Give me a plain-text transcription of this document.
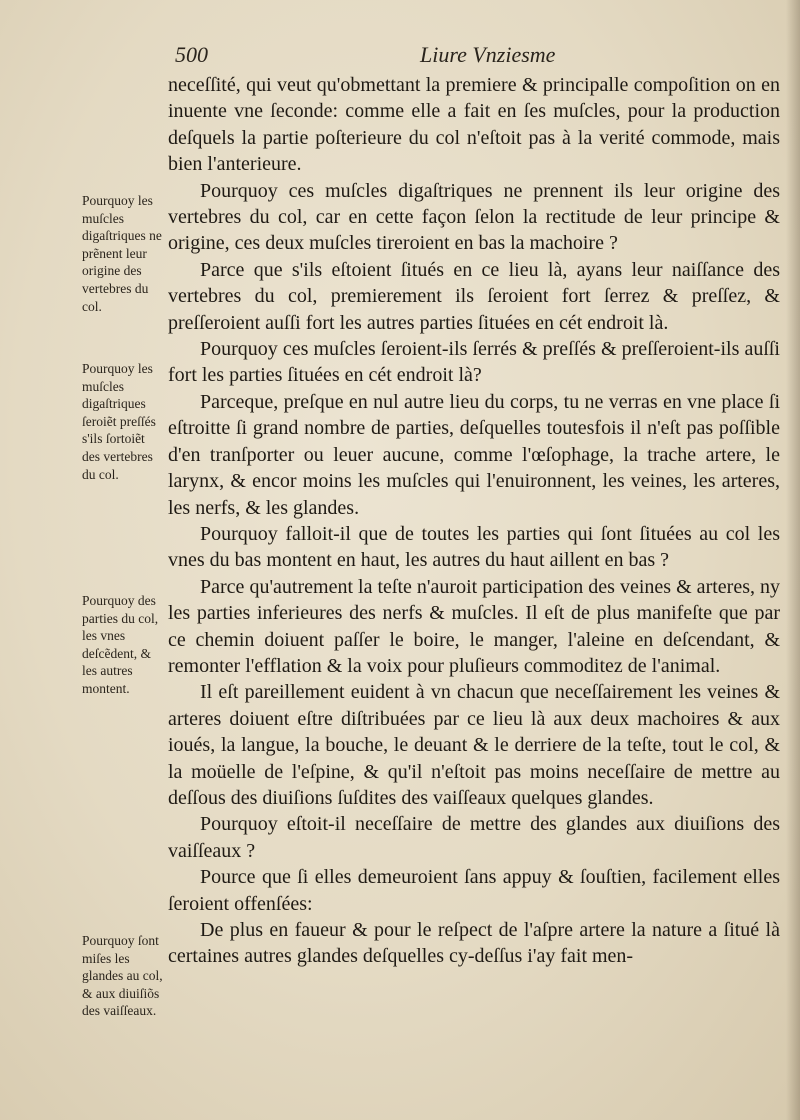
500	Liure Vnziesme

neceſſité, qui veut qu'obmettant la premiere & principalle compoſition on en inuente vne ſeconde: comme elle a fait en ſes muſcles, pour la production deſquels la partie poſterieure du col n'eſtoit pas à la verité commode, mais bien l'anterieure.

Pourquoy ces muſcles digaſtriques ne prennent ils leur origine des vertebres du col, car en cette façon ſelon la rectitude de leur principe & origine, ces deux muſcles tireroient en bas la machoire ?

Parce que s'ils eſtoient ſitués en ce lieu là, ayans leur naiſſance des vertebres du col, premierement ils ſeroient fort ſerrez & preſſez, & preſſeroient auſſi fort les autres parties ſituées en cét endroit là.

Pourquoy ces muſcles ſeroient-ils ſerrés & preſſés & preſſeroient-ils auſſi fort les parties ſituées en cét endroit là?

Parceque, preſque en nul autre lieu du corps, tu ne verras en vne place ſi eſtroitte ſi grand nombre de parties, deſquelles toutesfois il n'eſt pas poſſible d'en tranſporter ou leuer aucune, comme l'œſophage, la trache artere, le larynx, & encor moins les muſcles qui l'enuironnent, les veines, les arteres, les nerfs, & les glandes.

Pourquoy falloit-il que de toutes les parties qui ſont ſituées au col les vnes du bas montent en haut, les autres du haut aillent en bas ?

Parce qu'autrement la teſte n'auroit participation des veines & arteres, ny les parties inferieures des nerfs & muſcles. Il eſt de plus manifeſte que par ce chemin doiuent paſſer le boire, le manger, l'aleine en deſcendant, & remonter l'efflation & la voix pour pluſieurs commoditez de l'animal.

Il eſt pareillement euident à vn chacun que neceſſairement les veines & arteres doiuent eſtre diſtribuées par ce lieu là aux deux machoires & aux ioués, la langue, la bouche, le deuant & le derriere de la teſte, tout le col, & la moüelle de l'eſpine, & qu'il n'eſtoit pas moins neceſſaire de mettre au deſſous des diuiſions ſuſdites des vaiſſeaux quelques glandes.

Pourquoy eſtoit-il neceſſaire de mettre des glandes aux diuiſions des vaiſſeaux ?

Pource que ſi elles demeuroient ſans appuy & ſouſtien, facilement elles ſeroient offenſées:

De plus en faueur & pour le reſpect de l'aſpre artere la nature a ſitué là certaines autres glandes deſquelles cy-deſſus i'ay fait men-

Pourquoy les muſcles digaſtriques ne prẽnent leur origine des vertebres du col.
Pourquoy les muſcles digaſtriques ſeroiẽt preſſés s'ils ſortoiẽt des vertebres du col.
Pourquoy des parties du col, les vnes deſcẽdent, & les autres montent.
Pourquoy ſont miſes les glandes au col, & aux diuiſiõs des vaiſſeaux.
